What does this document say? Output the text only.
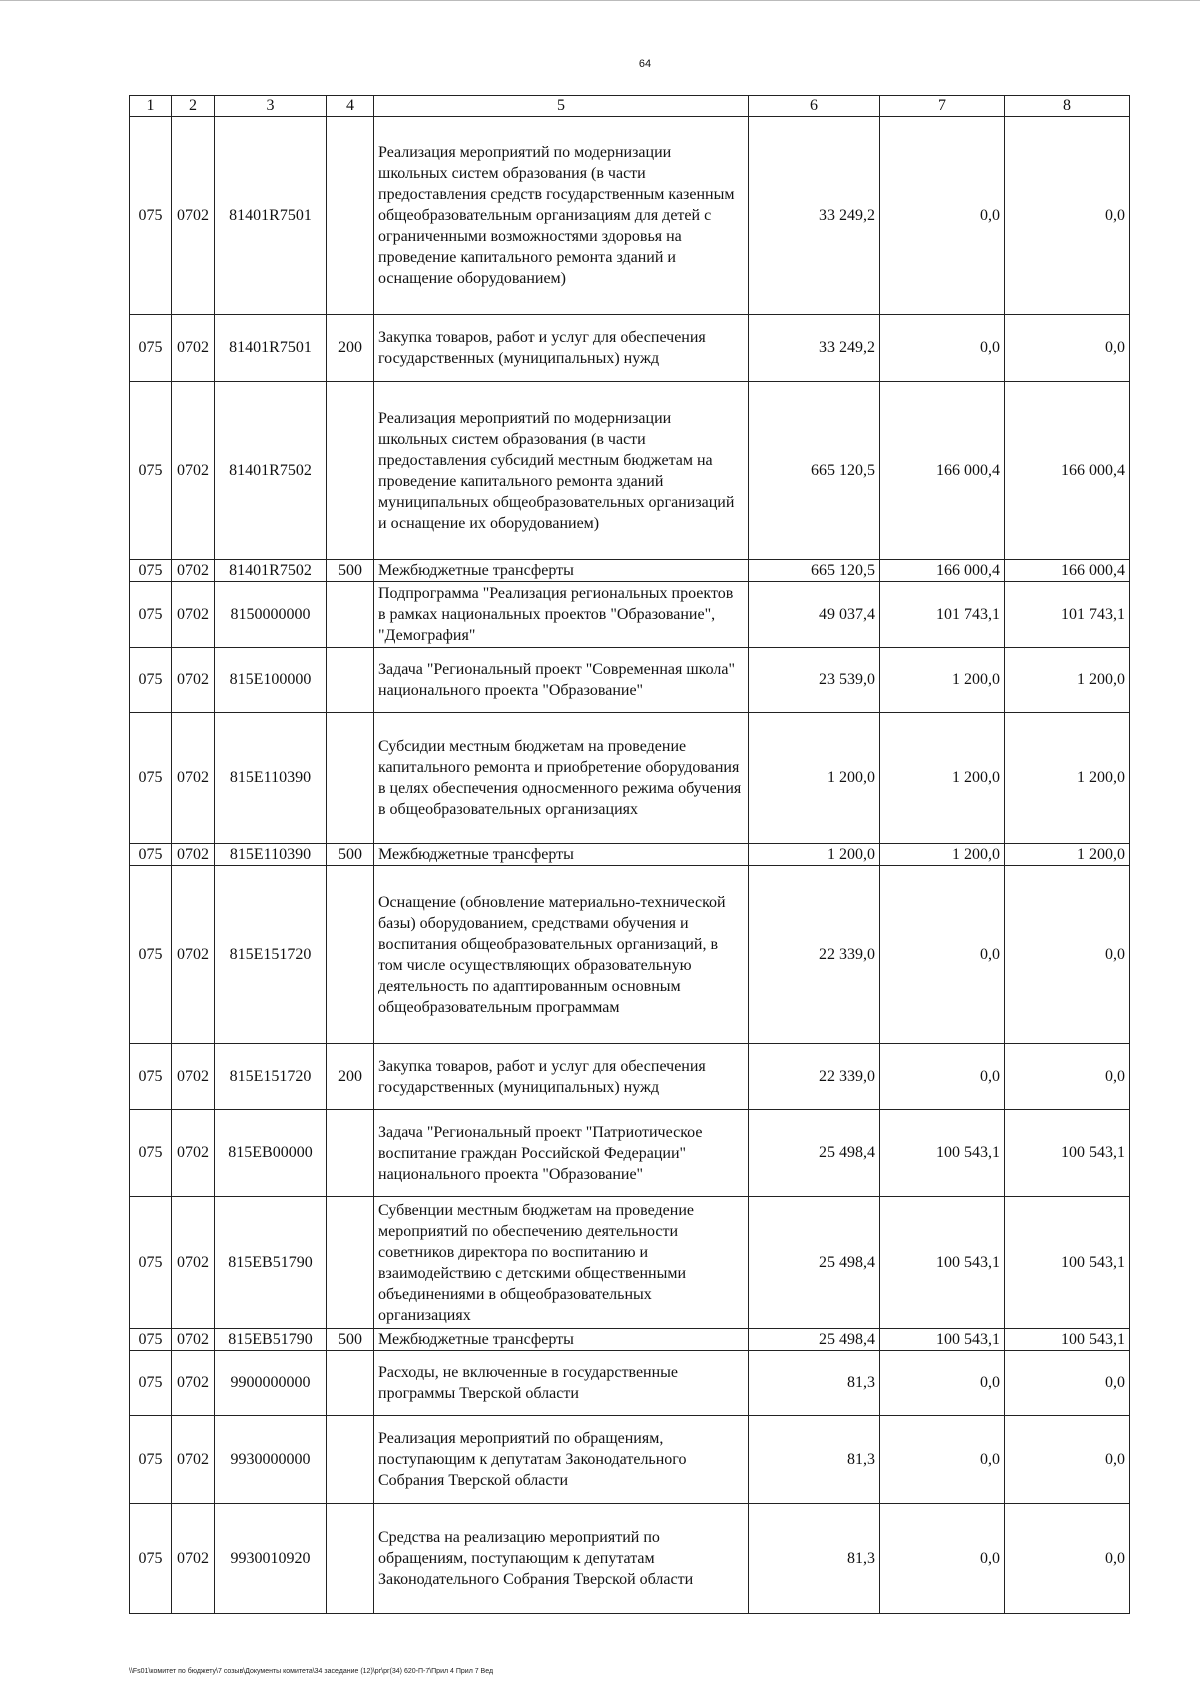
64
1	2	3	4	5	6	7	8
075	0702	81401R7501		Реализация мероприятий по модернизации школьных систем образования (в части предоставления средств государственным казенным общеобразовательным организациям для детей с ограниченными возможностями здоровья на проведение капитального ремонта зданий и оснащение оборудованием)	33 249,2	0,0	0,0
075	0702	81401R7501	200	Закупка товаров, работ и услуг для обеспечения государственных (муниципальных) нужд	33 249,2	0,0	0,0
075	0702	81401R7502		Реализация мероприятий по модернизации школьных систем образования (в части предоставления субсидий местным бюджетам на проведение капитального ремонта зданий муниципальных общеобразовательных организаций и оснащение их оборудованием)	665 120,5	166 000,4	166 000,4
075	0702	81401R7502	500	Межбюджетные трансферты	665 120,5	166 000,4	166 000,4
075	0702	8150000000		Подпрограмма "Реализация региональных проектов в рамках национальных проектов "Образование", "Демография"	49 037,4	101 743,1	101 743,1
075	0702	815E100000		Задача "Региональный проект "Современная школа" национального проекта "Образование"	23 539,0	1 200,0	1 200,0
075	0702	815E110390		Субсидии местным бюджетам на проведение капитального ремонта и приобретение оборудования в целях обеспечения односменного режима обучения в общеобразовательных организациях	1 200,0	1 200,0	1 200,0
075	0702	815E110390	500	Межбюджетные трансферты	1 200,0	1 200,0	1 200,0
075	0702	815E151720		Оснащение (обновление материально-технической базы) оборудованием, средствами обучения и воспитания общеобразовательных организаций, в том числе осуществляющих образовательную деятельность по адаптированным основным общеобразовательным программам	22 339,0	0,0	0,0
075	0702	815E151720	200	Закупка товаров, работ и услуг для обеспечения государственных (муниципальных) нужд	22 339,0	0,0	0,0
075	0702	815EB00000		Задача "Региональный проект "Патриотическое воспитание граждан Российской Федерации" национального проекта "Образование"	25 498,4	100 543,1	100 543,1
075	0702	815EB51790		Субвенции местным бюджетам на проведение мероприятий по обеспечению деятельности советников директора по воспитанию и взаимодействию с детскими общественными объединениями в общеобразовательных организациях	25 498,4	100 543,1	100 543,1
075	0702	815EB51790	500	Межбюджетные трансферты	25 498,4	100 543,1	100 543,1
075	0702	9900000000		Расходы, не включенные в государственные программы Тверской области	81,3	0,0	0,0
075	0702	9930000000		Реализация мероприятий по обращениям, поступающим к депутатам Законодательного Собрания Тверской области	81,3	0,0	0,0
075	0702	9930010920		Средства на реализацию мероприятий по обращениям, поступающим к депутатам Законодательного Собрания Тверской области	81,3	0,0	0,0
\\Fs01\комитет по бюджету\7 созыв\Документы комитета\34 заседание (12)\рг\рг(34) 620-П-7\Прил 4 Прил 7 Вед
